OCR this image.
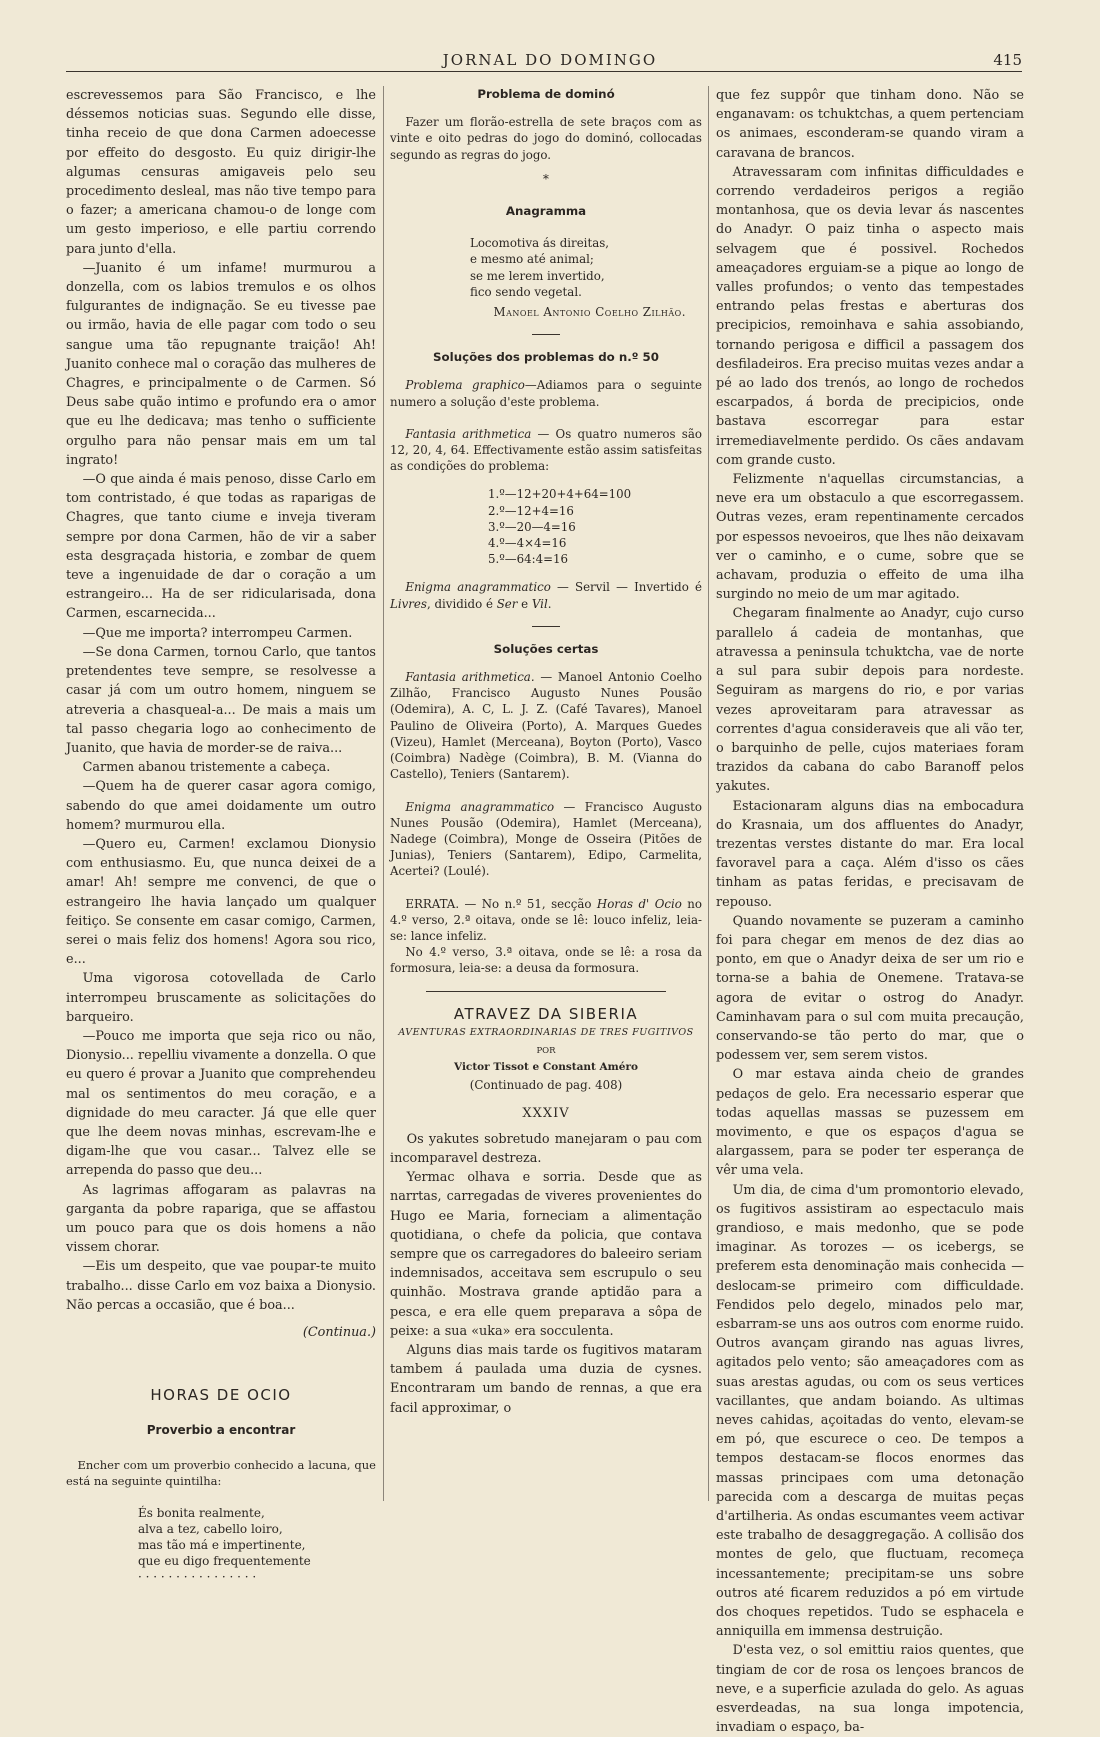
JORNAL DO DOMINGO	415

escrevessemos para São Francisco, e lhe déssemos noticias suas. Segundo elle disse, tinha receio de que dona Carmen adoecesse por effeito do desgosto. Eu quiz dirigir-lhe algumas censuras amigaveis pelo seu procedimento desleal, mas não tive tempo para o fazer; a americana chamou-o de longe com um gesto imperioso, e elle partiu correndo para junto d'ella.

—Juanito é um infame! murmurou a donzella, com os labios tremulos e os olhos fulgurantes de indignação. Se eu tivesse pae ou irmão, havia de elle pagar com todo o seu sangue uma tão repugnante traição! Ah! Juanito conhece mal o coração das mulheres de Chagres, e principalmente o de Carmen. Só Deus sabe quão intimo e profundo era o amor que eu lhe dedicava; mas tenho o sufficiente orgulho para não pensar mais em um tal ingrato!

—O que ainda é mais penoso, disse Carlo em tom contristado, é que todas as raparigas de Chagres, que tanto ciume e inveja tiveram sempre por dona Carmen, hão de vir a saber esta desgraçada historia, e zombar de quem teve a ingenuidade de dar o coração a um estrangeiro... Ha de ser ridicularisada, dona Carmen, escarnecida...

—Que me importa? interrompeu Carmen.

—Se dona Carmen, tornou Carlo, que tantos pretendentes teve sempre, se resolvesse a casar já com um outro homem, ninguem se atreveria a chasqueal-a... De mais a mais um tal passo chegaria logo ao conhecimento de Juanito, que havia de morder-se de raiva...

Carmen abanou tristemente a cabeça.

—Quem ha de querer casar agora comigo, sabendo do que amei doidamente um outro homem? murmurou ella.

—Quero eu, Carmen! exclamou Dionysio com enthusiasmo. Eu, que nunca deixei de a amar! Ah! sempre me convenci, de que o estrangeiro lhe havia lançado um qualquer feitiço. Se consente em casar comigo, Carmen, serei o mais feliz dos homens! Agora sou rico, e...

Uma vigorosa cotovellada de Carlo interrompeu bruscamente as solicitações do barqueiro.

—Pouco me importa que seja rico ou não, Dionysio... repelliu vivamente a donzella. O que eu quero é provar a Juanito que comprehendeu mal os sentimentos do meu coração, e a dignidade do meu caracter. Já que elle quer que lhe deem novas minhas, escrevam-lhe e digam-lhe que vou casar... Talvez elle se arrependa do passo que deu...

As lagrimas affogaram as palavras na garganta da pobre rapariga, que se affastou um pouco para que os dois homens a não vissem chorar.

—Eis um despeito, que vae poupar-te muito trabalho... disse Carlo em voz baixa a Dionysio. Não percas a occasião, que é boa...

(Continua.)

HORAS DE OCIO

Proverbio a encontrar

Encher com um proverbio conhecido a lacuna, que está na seguinte quintilha:

És bonita realmente,
alva a tez, cabello loiro,
mas tão má e impertinente,
que eu digo frequentemente
· · · · · · · · · · · · · · · ·

Problema de dominó

Fazer um florão-estrella de sete braços com as vinte e oito pedras do jogo do dominó, collocadas segundo as regras do jogo.

*

Anagramma

Locomotiva ás direitas,
e mesmo até animal;
se me lerem invertido,
fico sendo vegetal.

Manoel Antonio Coelho Zilhão.

Soluções dos problemas do n.º 50

Problema graphico—Adiamos para o seguinte numero a solução d'este problema.

Fantasia arithmetica — Os quatro numeros são 12, 20, 4, 64. Effectivamente estão assim satisfeitas as condições do problema:

1.º—12+20+4+64=100
2.º—12+4=16
3.º—20—4=16
4.º—4×4=16
5.º—64:4=16

Enigma anagrammatico — Servil — Invertido é Livres, dividido é Ser e Vil.

Soluções certas

Fantasia arithmetica. — Manoel Antonio Coelho Zilhão, Francisco Augusto Nunes Pousão (Odemira), A. C, L. J. Z. (Café Tavares), Manoel Paulino de Oliveira (Porto), A. Marques Guedes (Vizeu), Hamlet (Merceana), Boyton (Porto), Vasco (Coimbra) Nadège (Coimbra), B. M. (Vianna do Castello), Teniers (Santarem).

Enigma anagrammatico — Francisco Augusto Nunes Pousão (Odemira), Hamlet (Merceana), Nadege (Coimbra), Monge de Osseira (Pitões de Junias), Teniers (Santarem), Edipo, Carmelita, Acertei? (Loulé).

ERRATA. — No n.º 51, secção Horas d' Ocio no 4.º verso, 2.ª oitava, onde se lê: louco infeliz, leia-se: lance infeliz.

No 4.º verso, 3.ª oitava, onde se lê: a rosa da formosura, leia-se: a deusa da formosura.

ATRAVEZ DA SIBERIA

AVENTURAS EXTRAORDINARIAS DE TRES FUGITIVOS

POR

Victor Tissot e Constant Améro

(Continuado de pag. 408)

XXXIV

Os yakutes sobretudo manejaram o pau com incomparavel destreza.

Yermac olhava e sorria. Desde que as narrtas, carregadas de viveres provenientes do Hugo ee Maria, forneciam a alimentação quotidiana, o chefe da policia, que contava sempre que os carregadores do baleeiro seriam indemnisados, acceitava sem escrupulo o seu quinhão. Mostrava grande aptidão para a pesca, e era elle quem preparava a sôpa de peixe: a sua «uka» era socculenta.

Alguns dias mais tarde os fugitivos mataram tambem á paulada uma duzia de cysnes. Encontraram um bando de rennas, a que era facil approximar, o

que fez suppôr que tinham dono. Não se enganavam: os tchuktchas, a quem pertenciam os animaes, esconderam-se quando viram a caravana de brancos.

Atravessaram com infinitas difficuldades e correndo verdadeiros perigos a região montanhosa, que os devia levar ás nascentes do Anadyr. O paiz tinha o aspecto mais selvagem que é possivel. Rochedos ameaçadores erguiam-se a pique ao longo de valles profundos; o vento das tempestades entrando pelas frestas e aberturas dos precipicios, remoinhava e sahia assobiando, tornando perigosa e difficil a passagem dos desfiladeiros. Era preciso muitas vezes andar a pé ao lado dos trenós, ao longo de rochedos escarpados, á borda de precipicios, onde bastava escorregar para estar irremediavelmente perdido. Os cães andavam com grande custo.

Felizmente n'aquellas circumstancias, a neve era um obstaculo a que escorregassem. Outras vezes, eram repentinamente cercados por espessos nevoeiros, que lhes não deixavam ver o caminho, e o cume, sobre que se achavam, produzia o effeito de uma ilha surgindo no meio de um mar agitado.

Chegaram finalmente ao Anadyr, cujo curso parallelo á cadeia de montanhas, que atravessa a peninsula tchuktcha, vae de norte a sul para subir depois para nordeste. Seguiram as margens do rio, e por varias vezes aproveitaram para atravessar as correntes d'agua consideraveis que ali vão ter, o barquinho de pelle, cujos materiaes foram trazidos da cabana do cabo Baranoff pelos yakutes.

Estacionaram alguns dias na embocadura do Krasnaia, um dos affluentes do Anadyr, trezentas verstes distante do mar. Era local favoravel para a caça. Além d'isso os cães tinham as patas feridas, e precisavam de repouso.

Quando novamente se puzeram a caminho foi para chegar em menos de dez dias ao ponto, em que o Anadyr deixa de ser um rio e torna-se a bahia de Onemene. Tratava-se agora de evitar o ostrog do Anadyr. Caminhavam para o sul com muita precaução, conservando-se tão perto do mar, que o podessem ver, sem serem vistos.

O mar estava ainda cheio de grandes pedaços de gelo. Era necessario esperar que todas aquellas massas se puzessem em movimento, e que os espaços d'agua se alargassem, para se poder ter esperança de vêr uma vela.

Um dia, de cima d'um promontorio elevado, os fugitivos assistiram ao espectaculo mais grandioso, e mais medonho, que se pode imaginar. As torozes — os icebergs, se preferem esta denominação mais conhecida — deslocam-se primeiro com difficuldade. Fendidos pelo degelo, minados pelo mar, esbarram-se uns aos outros com enorme ruido. Outros avançam girando nas aguas livres, agitados pelo vento; são ameaçadores com as suas arestas agudas, ou com os seus vertices vacillantes, que andam boiando. As ultimas neves cahidas, açoitadas do vento, elevam-se em pó, que escurece o ceo. De tempos a tempos destacam-se flocos enormes das massas principaes com uma detonação parecida com a descarga de muitas peças d'artilheria. As ondas escumantes veem activar este trabalho de desaggregação. A collisão dos montes de gelo, que fluctuam, recomeça incessantemente; precipitam-se uns sobre outros até ficarem reduzidos a pó em virtude dos choques repetidos. Tudo se esphacela e anniquilla em immensa destruição.

D'esta vez, o sol emittiu raios quentes, que tingiam de cor de rosa os lençoes brancos de neve, e a superficie azulada do gelo. As aguas esverdeadas, na sua longa impotencia, invadiam o espaço, ba-
